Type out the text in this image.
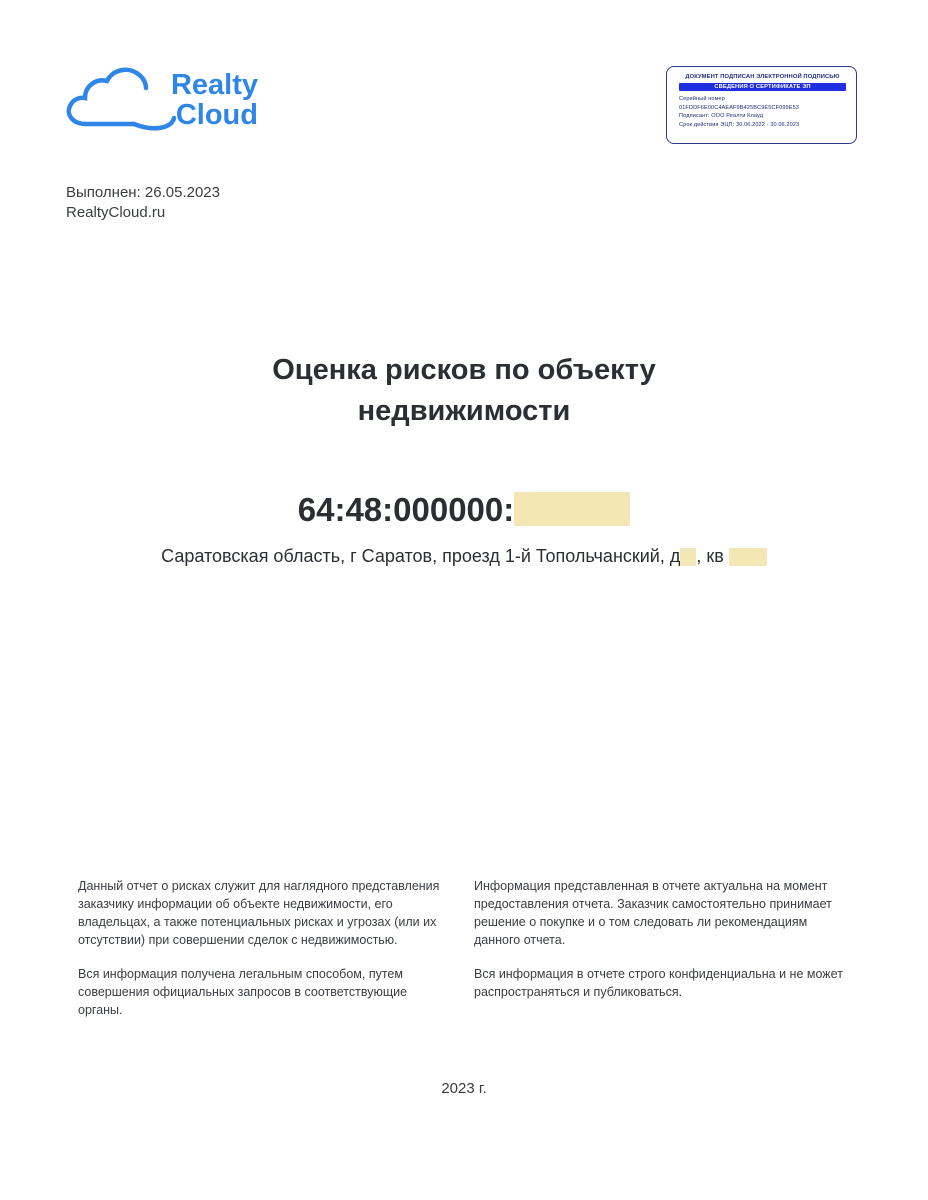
Realty
Cloud
ДОКУМЕНТ ПОДПИСАН ЭЛЕКТРОННОЙ ПОДПИСЬЮ
СВЕДЕНИЯ О СЕРТИФИКАТЕ ЭП
Серийный номер
01FDDF6E00C4AEAF9B425BC9E5CF099E53
Подписант: ООО Реалти Клауд
Срок действия ЭЦП: 30.06.2022 - 30.06.2023
Выполнен: 26.05.2023
RealtyCloud.ru
Оценка рисков по объекту
недвижимости
64:48:000000:
Саратовская область, г Саратов, проезд 1-й Топольчанский, д , кв

Данный отчет о рисках служит для наглядного представления заказчику информации об объекте недвижимости, его владельцах, а также потенциальных рисках и угрозах (или их отсутствии) при совершении сделок с недвижимостью.

Вся информация получена легальным способом, путем совершения официальных запросов в соответствующие органы.

Информация представленная в отчете актуальна на момент предоставления отчета. Заказчик самостоятельно принимает решение о покупке и о том следовать ли рекомендациям данного отчета.

Вся информация в отчете строго конфиденциальна и не может распространяться и публиковаться.

2023 г.
